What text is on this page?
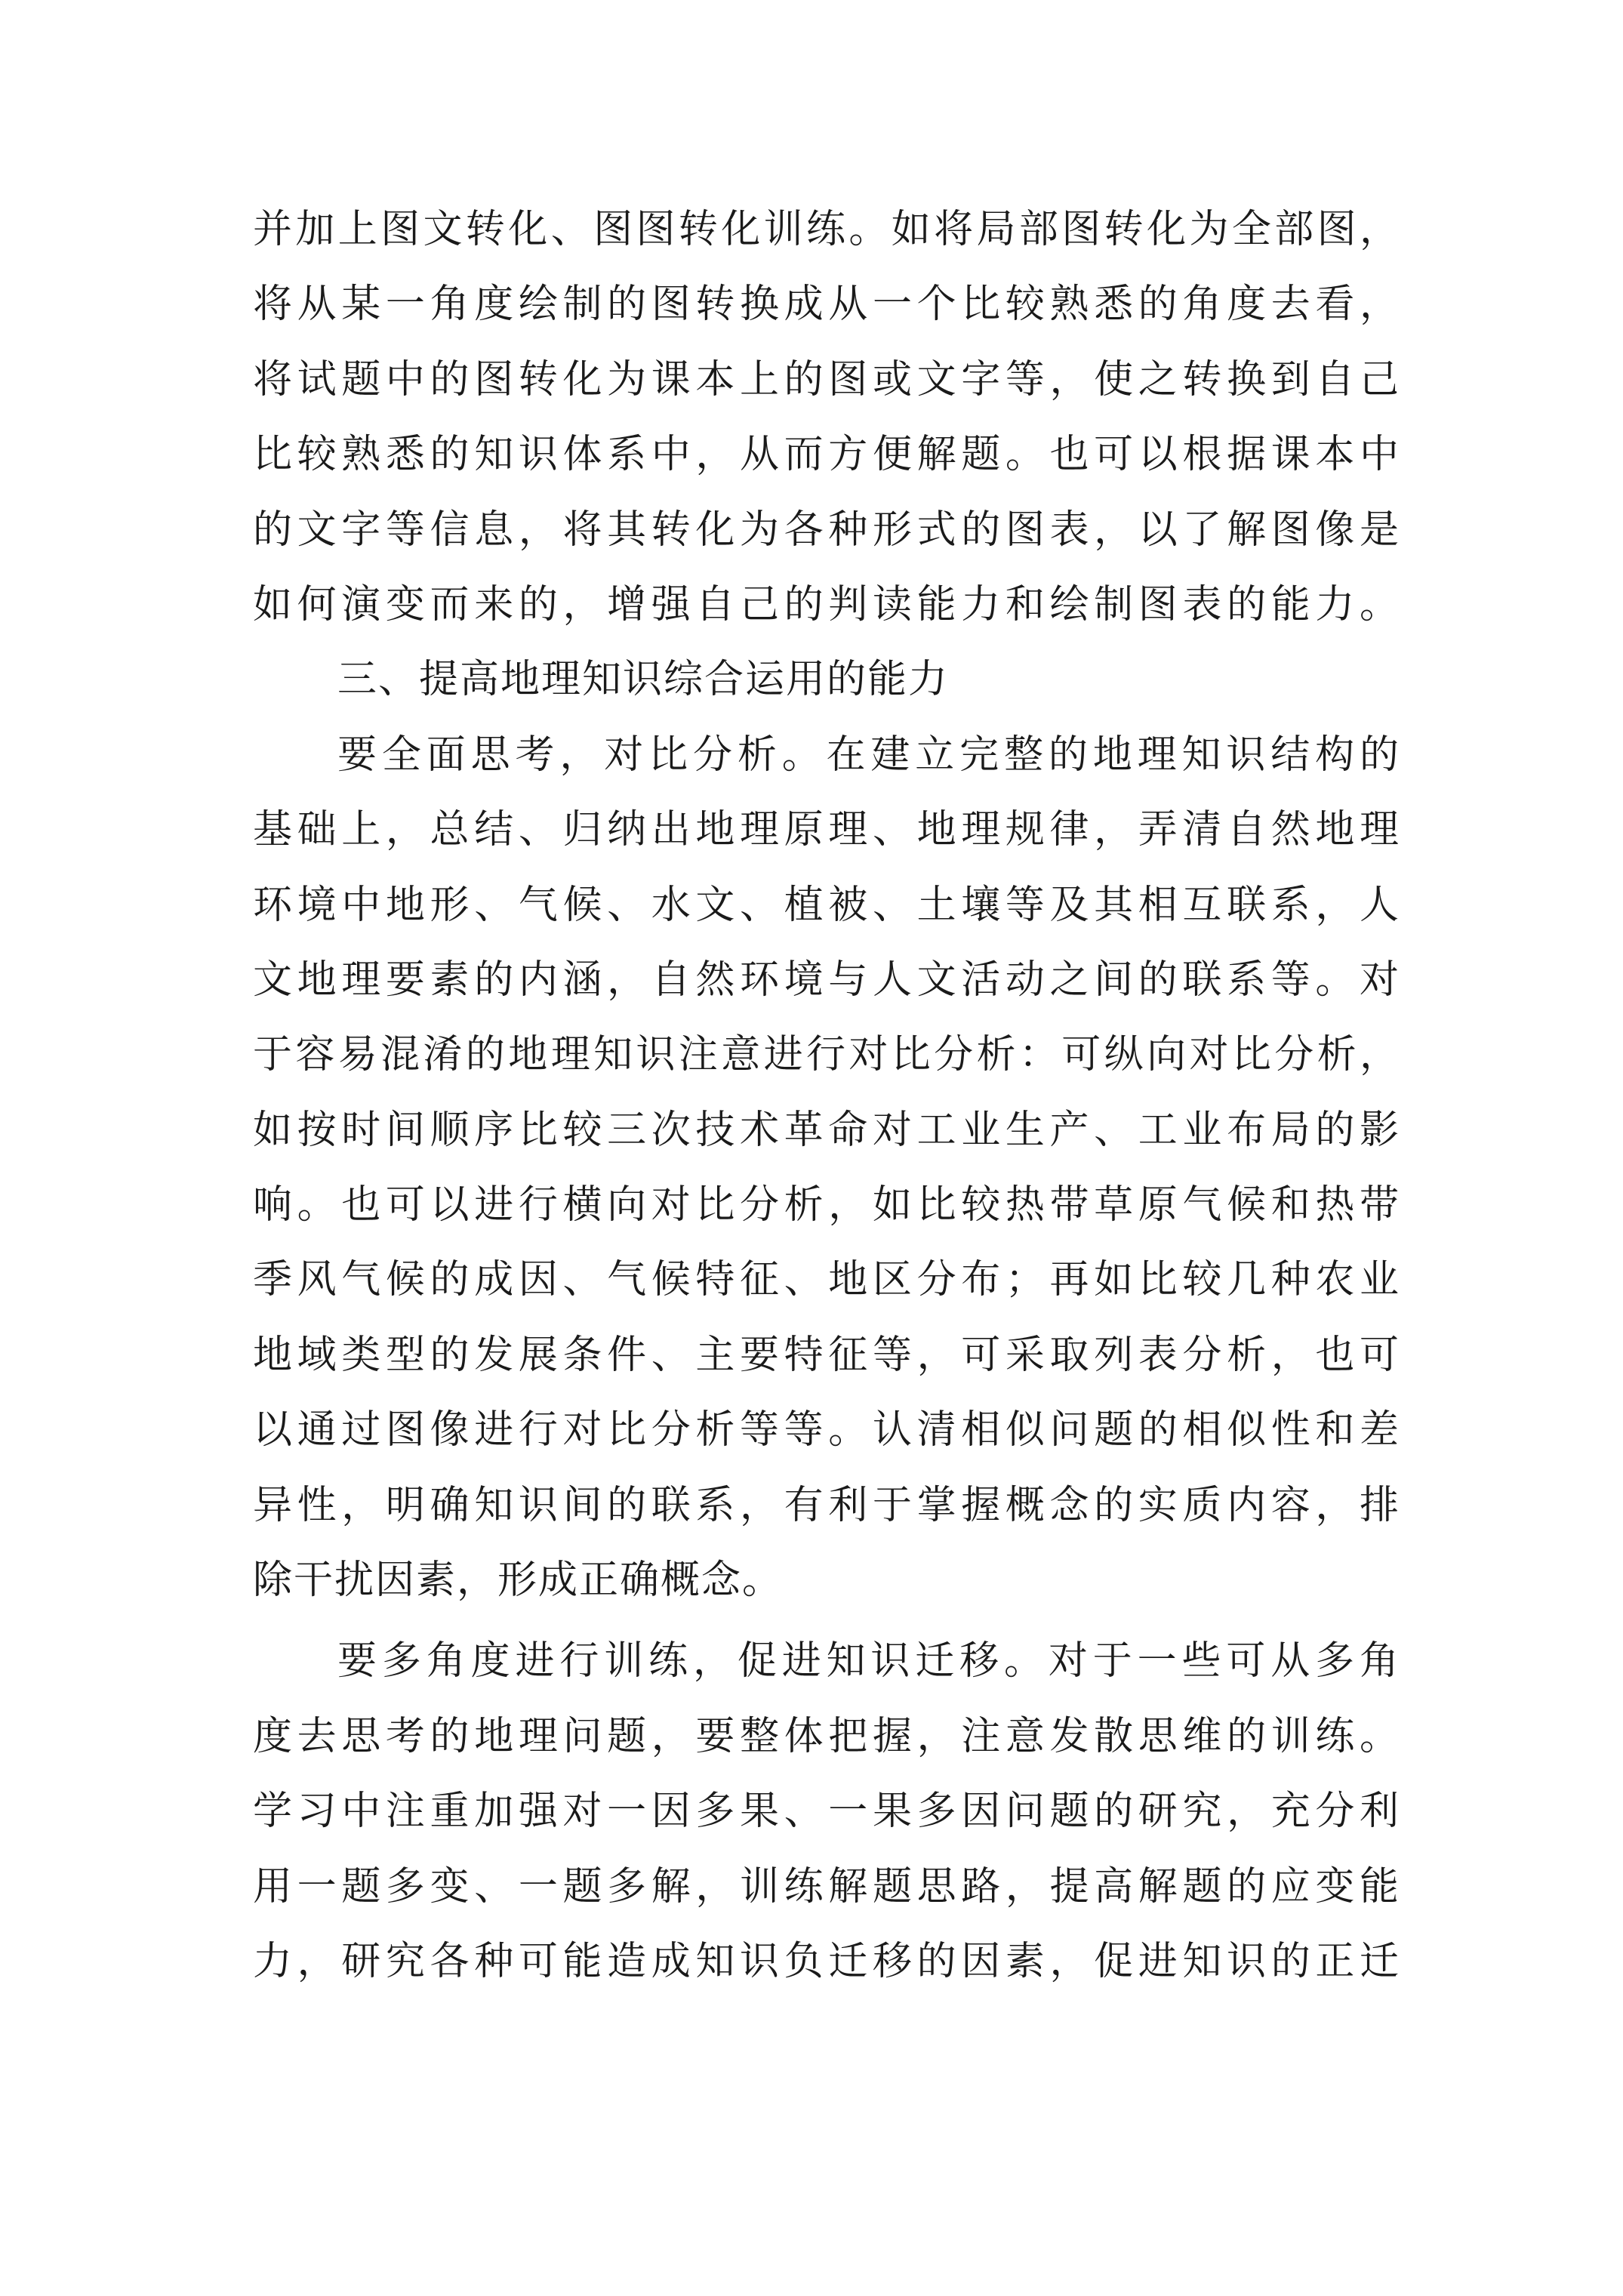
并加上图文转化、图图转化训练。如将局部图转化为全部图，
将从某一角度绘制的图转换成从一个比较熟悉的角度去看，
将试题中的图转化为课本上的图或文字等，使之转换到自己
比较熟悉的知识体系中，从而方便解题。也可以根据课本中
的文字等信息，将其转化为各种形式的图表，以了解图像是
如何演变而来的，增强自己的判读能力和绘制图表的能力。
三、提高地理知识综合运用的能力
要全面思考，对比分析。在建立完整的地理知识结构的
基础上，总结、归纳出地理原理、地理规律，弄清自然地理
环境中地形、气候、水文、植被、土壤等及其相互联系，人
文地理要素的内涵，自然环境与人文活动之间的联系等。对
于容易混淆的地理知识注意进行对比分析：可纵向对比分析，
如按时间顺序比较三次技术革命对工业生产、工业布局的影
响。也可以进行横向对比分析，如比较热带草原气候和热带
季风气候的成因、气候特征、地区分布；再如比较几种农业
地域类型的发展条件、主要特征等，可采取列表分析，也可
以通过图像进行对比分析等等。认清相似问题的相似性和差
异性，明确知识间的联系，有利于掌握概念的实质内容，排
除干扰因素，形成正确概念。
要多角度进行训练，促进知识迁移。对于一些可从多角
度去思考的地理问题，要整体把握，注意发散思维的训练。
学习中注重加强对一因多果、一果多因问题的研究，充分利
用一题多变、一题多解，训练解题思路，提高解题的应变能
力，研究各种可能造成知识负迁移的因素，促进知识的正迁
